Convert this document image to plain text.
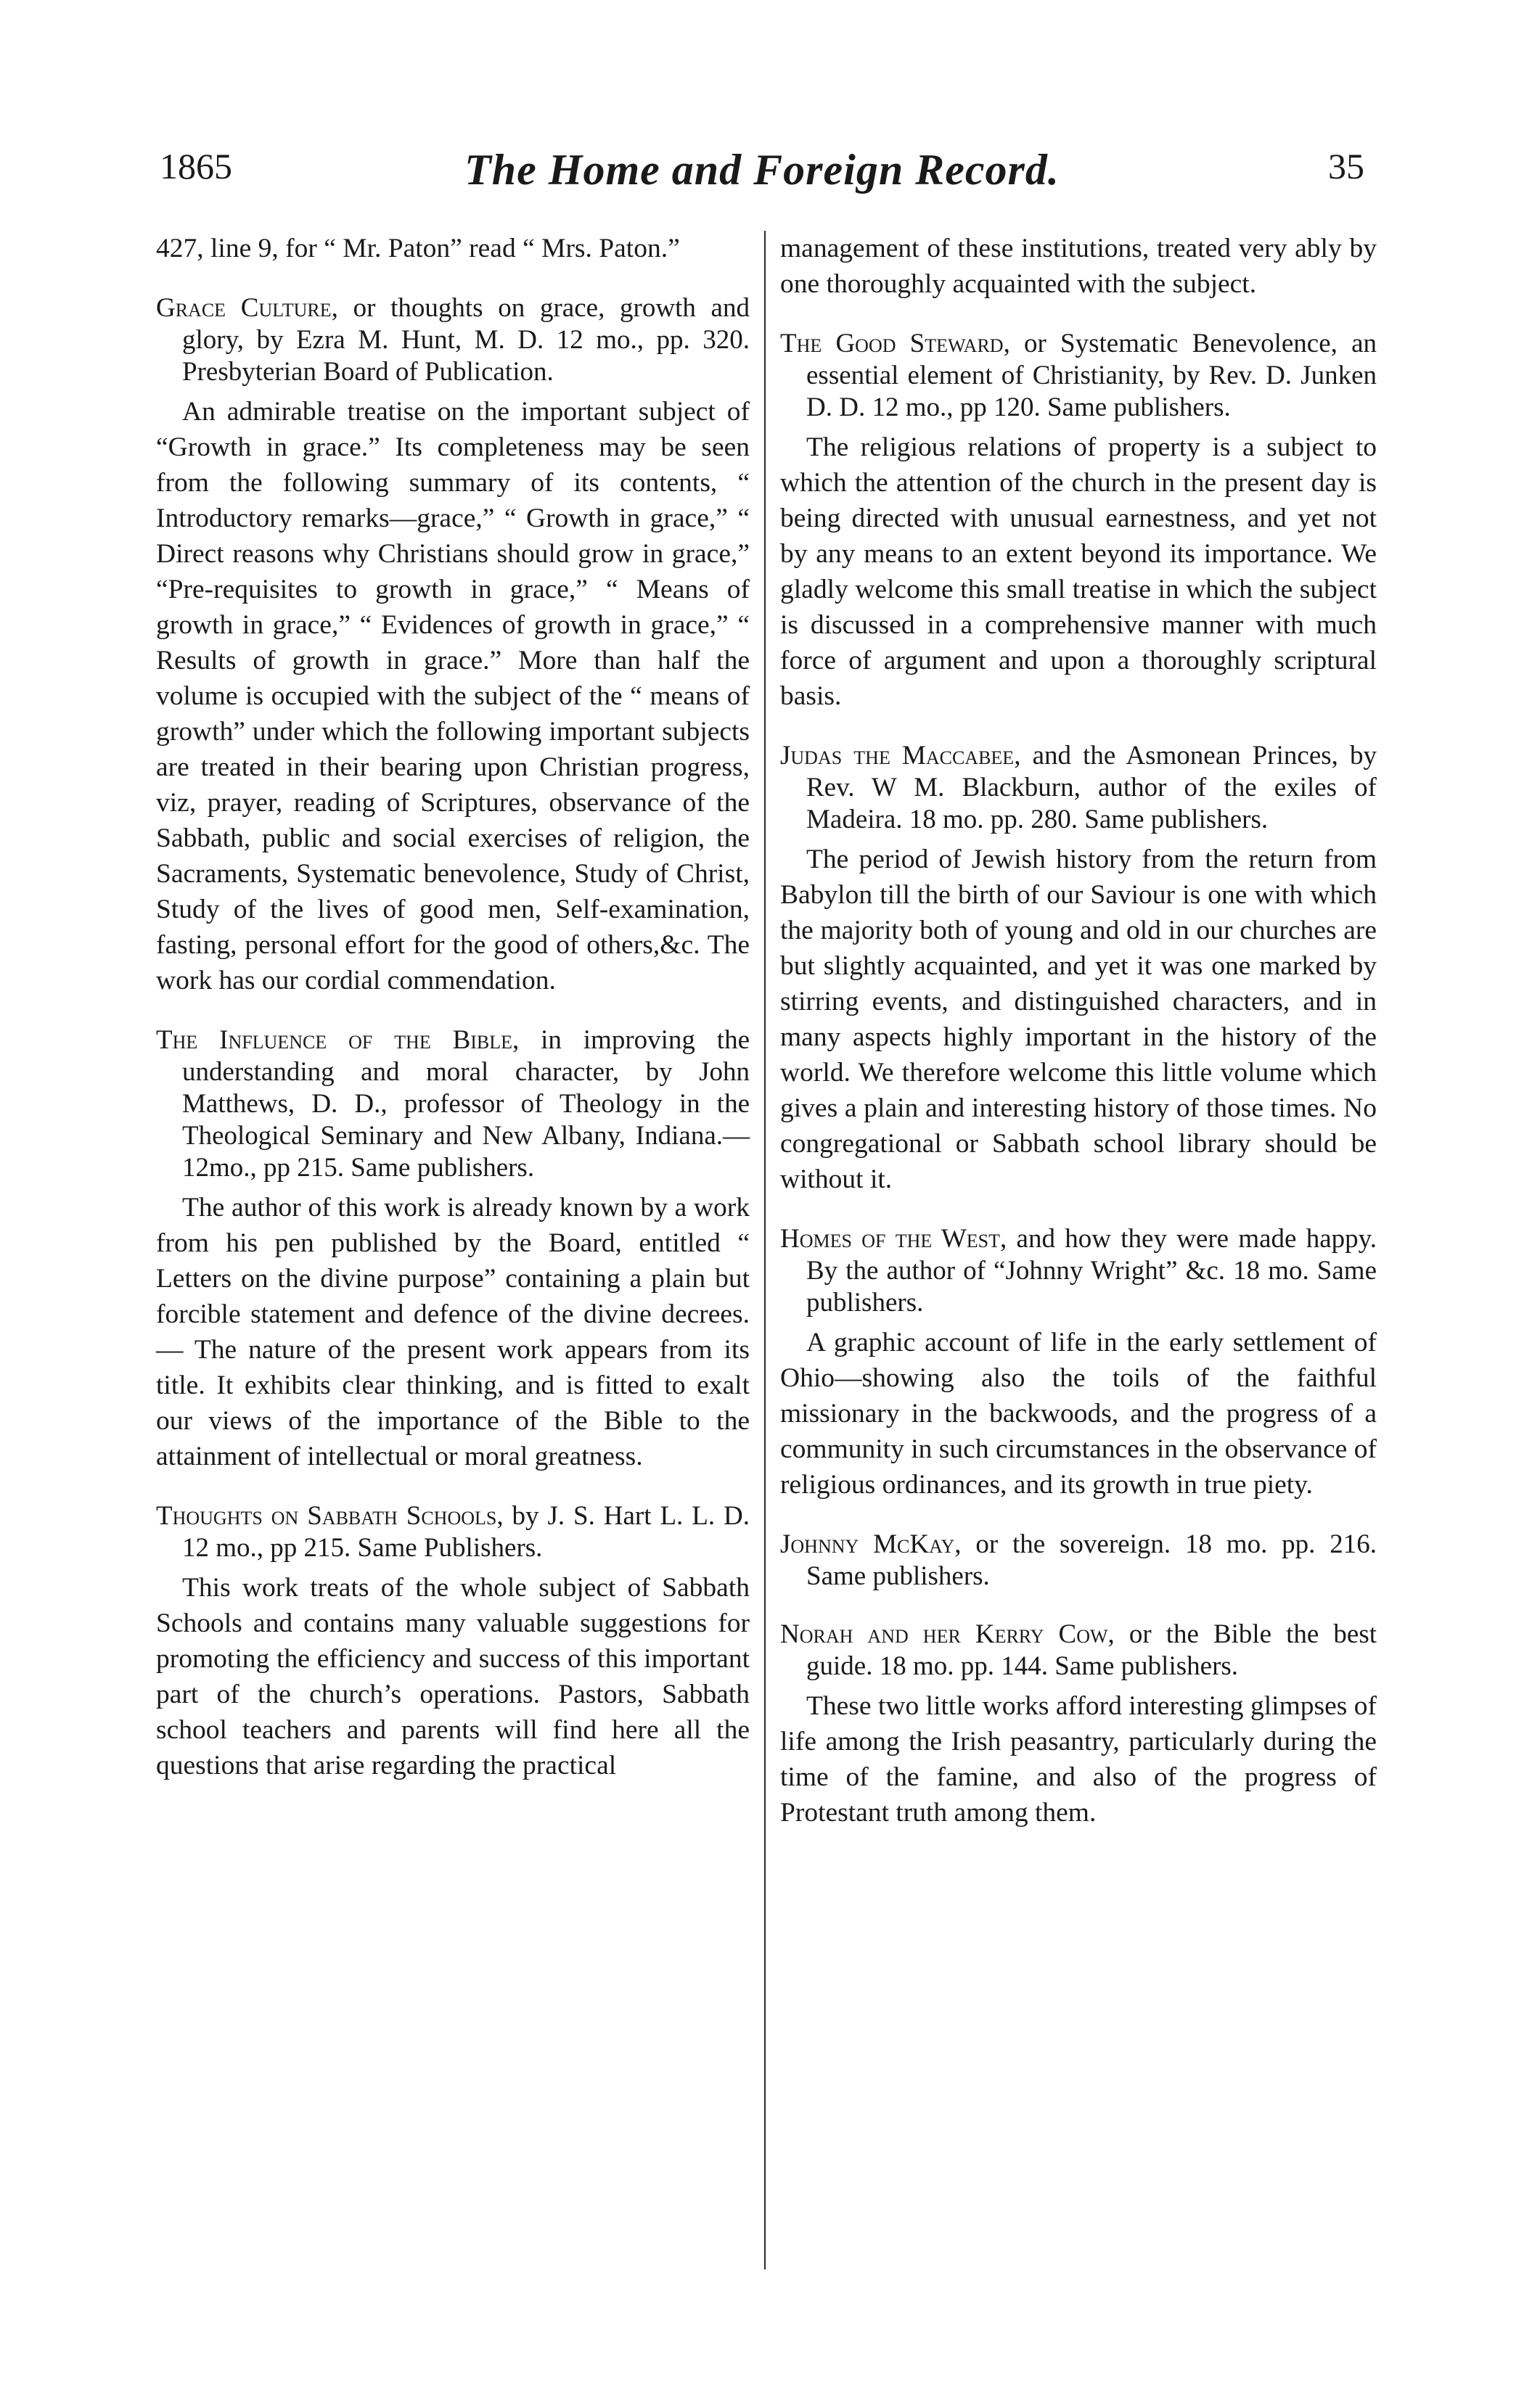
1865	The Home and Foreign Record.	35

427, line 9, for “ Mr. Paton” read “ Mrs. Paton.”

Grace Culture, or thoughts on grace, growth and glory, by Ezra M. Hunt, M. D. 12 mo., pp. 320. Presbyterian Board of Publication.

An admirable treatise on the important subject of “Growth in grace.” Its completeness may be seen from the following summary of its contents, “ Introductory remarks—grace,” “ Growth in grace,” “ Direct reasons why Christians should grow in grace,” “Pre-requisites to growth in grace,” “ Means of growth in grace,” “ Evidences of growth in grace,” “ Results of growth in grace.” More than half the volume is occupied with the subject of the “ means of growth” under which the following important subjects are treated in their bearing upon Christian progress, viz, prayer, reading of Scriptures, observance of the Sabbath, public and social exercises of religion, the Sacraments, Systematic benevolence, Study of Christ, Study of the lives of good men, Self-examination, fasting, personal effort for the good of others,&c. The work has our cordial commendation.

The Influence of the Bible, in improving the understanding and moral character, by John Matthews, D. D., professor of Theology in the Theological Seminary and New Albany, Indiana.— 12mo., pp 215. Same publishers.

The author of this work is already known by a work from his pen published by the Board, entitled “ Letters on the divine purpose” containing a plain but forcible statement and defence of the divine decrees.— The nature of the present work appears from its title. It exhibits clear thinking, and is fitted to exalt our views of the importance of the Bible to the attainment of intellectual or moral greatness.

Thoughts on Sabbath Schools, by J. S. Hart L. L. D. 12 mo., pp 215. Same Publishers.

This work treats of the whole subject of Sabbath Schools and contains many valuable suggestions for promoting the efficiency and success of this important part of the church’s operations. Pastors, Sabbath school teachers and parents will find here all the questions that arise regarding the practical

management of these institutions, treated very ably by one thoroughly acquainted with the subject.

The Good Steward, or Systematic Benevolence, an essential element of Christianity, by Rev. D. Junken D. D. 12 mo., pp 120. Same publishers.

The religious relations of property is a subject to which the attention of the church in the present day is being directed with unusual earnestness, and yet not by any means to an extent beyond its importance. We gladly welcome this small treatise in which the subject is discussed in a comprehensive manner with much force of argument and upon a thoroughly scriptural basis.

Judas the Maccabee, and the Asmonean Princes, by Rev. W M. Blackburn, author of the exiles of Madeira. 18 mo. pp. 280. Same publishers.

The period of Jewish history from the return from Babylon till the birth of our Saviour is one with which the majority both of young and old in our churches are but slightly acquainted, and yet it was one marked by stirring events, and distinguished characters, and in many aspects highly important in the history of the world. We therefore welcome this little volume which gives a plain and interesting history of those times. No congregational or Sabbath school library should be without it.

Homes of the West, and how they were made happy. By the author of “Johnny Wright” &c. 18 mo. Same publishers.

A graphic account of life in the early settlement of Ohio—showing also the toils of the faithful missionary in the backwoods, and the progress of a community in such circumstances in the observance of religious ordinances, and its growth in true piety.

Johnny McKay, or the sovereign. 18 mo. pp. 216. Same publishers.

Norah and her Kerry Cow, or the Bible the best guide. 18 mo. pp. 144. Same publishers.

These two little works afford interesting glimpses of life among the Irish peasantry, particularly during the time of the famine, and also of the progress of Protestant truth among them.
